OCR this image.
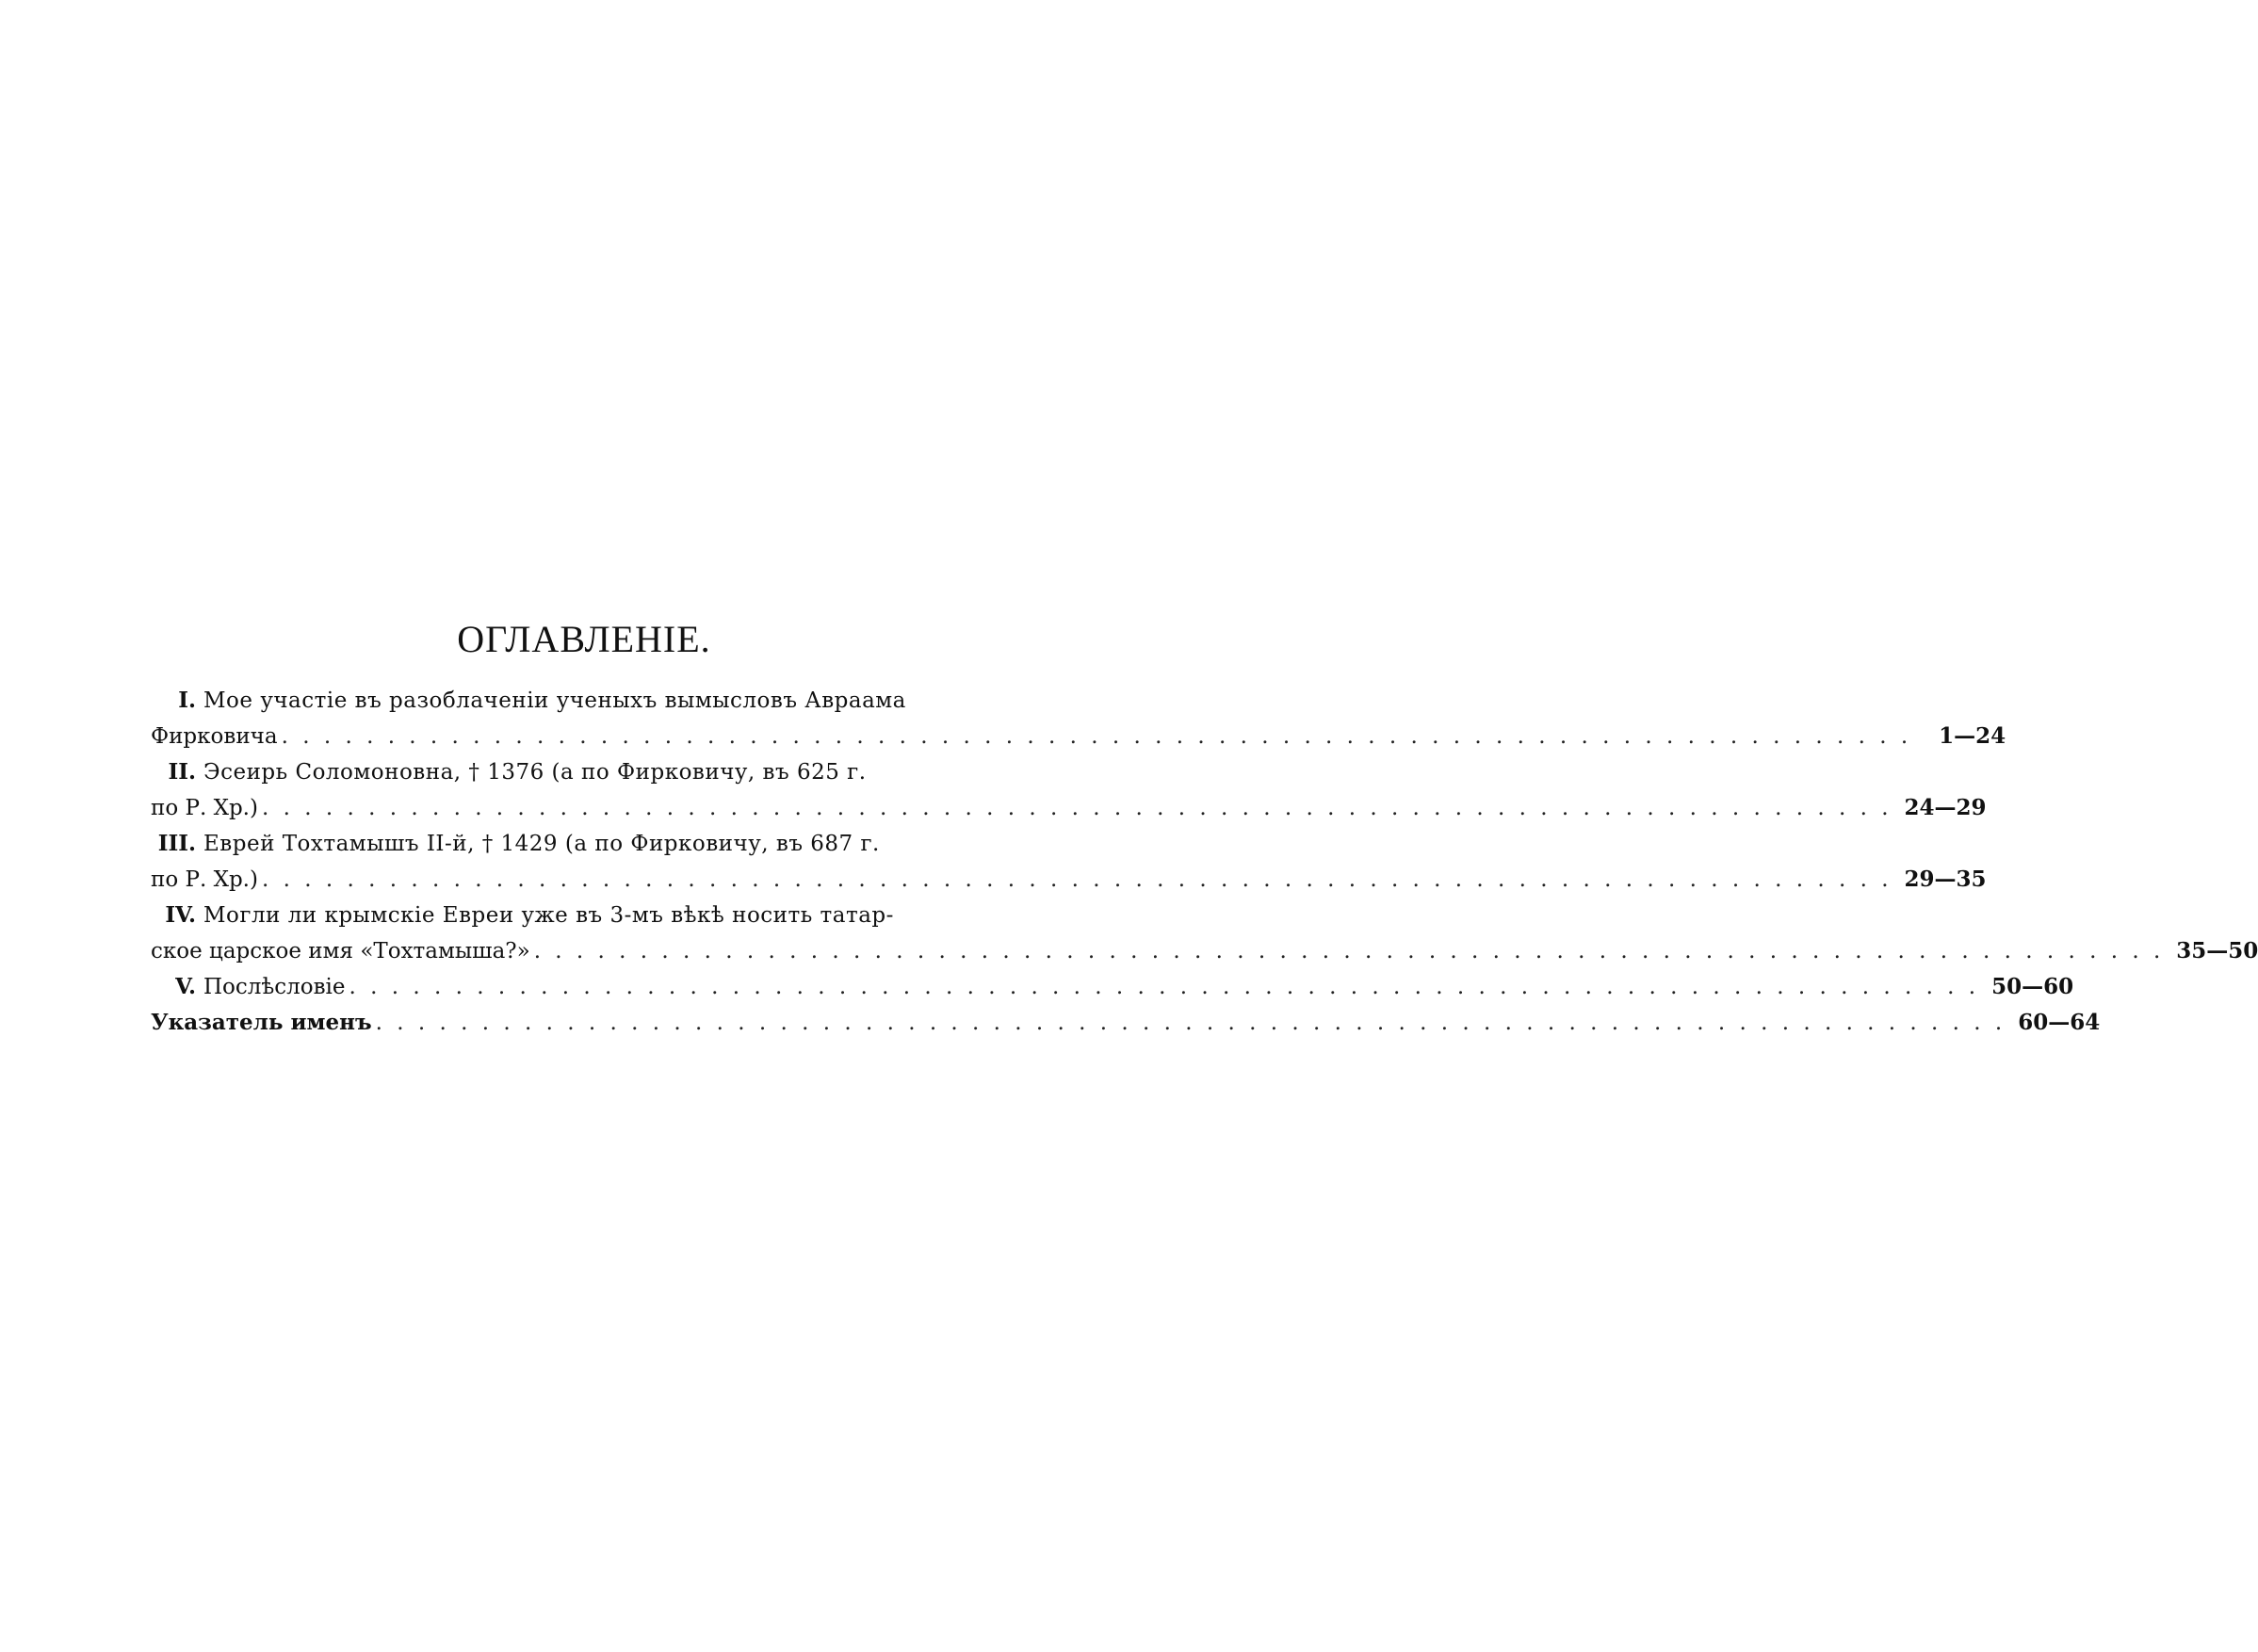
ОГЛАВЛЕНIЕ.
I. Мое участiе въ разоблаченiи ученыхъ вымысловъ Авраама
Фирковича . . .	1—24
II. Эсеирь Соломоновна, † 1376 (а по Фирковичу, въ 625 г.
по Р. Хр.) . . .	24—29
III. Еврей Тохтамышъ II-й, † 1429 (а по Фирковичу, въ 687 г.
по Р. Хр.) . . .	29—35
IV. Могли ли крымскiе Евреи уже въ 3-мъ вѣкѣ носить татар-
ское царское имя «Тохтамыша?» . . .	35—50
V. Послѣсловiе . . .	50—60
Указатель именъ . . .	60—64
